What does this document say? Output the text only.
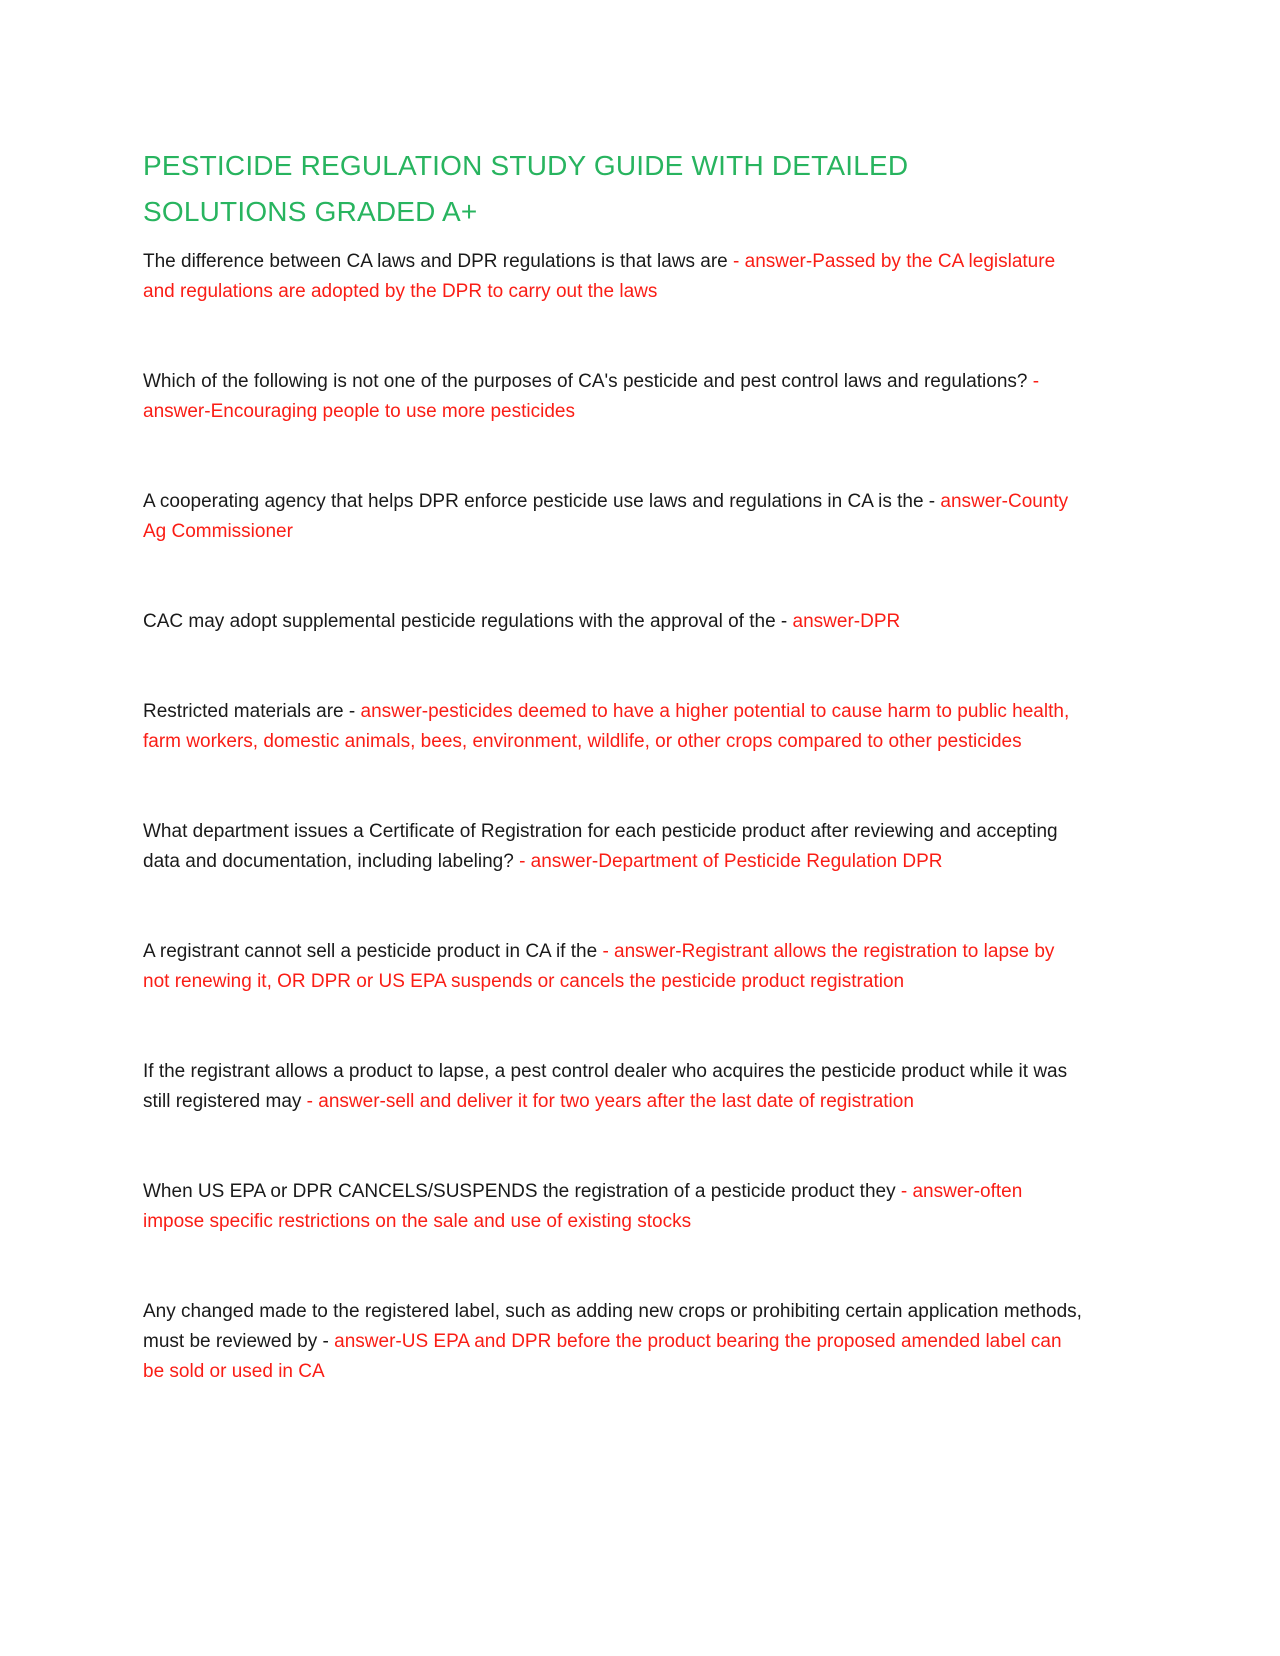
PESTICIDE REGULATION STUDY GUIDE WITH DETAILED SOLUTIONS GRADED A+

The difference between CA laws and DPR regulations is that laws are - answer-Passed by the CA legislature and regulations are adopted by the DPR to carry out the laws

Which of the following is not one of the purposes of CA's pesticide and pest control laws and regulations? - answer-Encouraging people to use more pesticides

A cooperating agency that helps DPR enforce pesticide use laws and regulations in CA is the - answer-County Ag Commissioner

CAC may adopt supplemental pesticide regulations with the approval of the - answer-DPR

Restricted materials are - answer-pesticides deemed to have a higher potential to cause harm to public health, farm workers, domestic animals, bees, environment, wildlife, or other crops compared to other pesticides

What department issues a Certificate of Registration for each pesticide product after reviewing and accepting data and documentation, including labeling? - answer-Department of Pesticide Regulation DPR

A registrant cannot sell a pesticide product in CA if the - answer-Registrant allows the registration to lapse by not renewing it, OR DPR or US EPA suspends or cancels the pesticide product registration

If the registrant allows a product to lapse, a pest control dealer who acquires the pesticide product while it was still registered may - answer-sell and deliver it for two years after the last date of registration

When US EPA or DPR CANCELS/SUSPENDS the registration of a pesticide product they - answer-often impose specific restrictions on the sale and use of existing stocks

Any changed made to the registered label, such as adding new crops or prohibiting certain application methods, must be reviewed by - answer-US EPA and DPR before the product bearing the proposed amended label can be sold or used in CA
